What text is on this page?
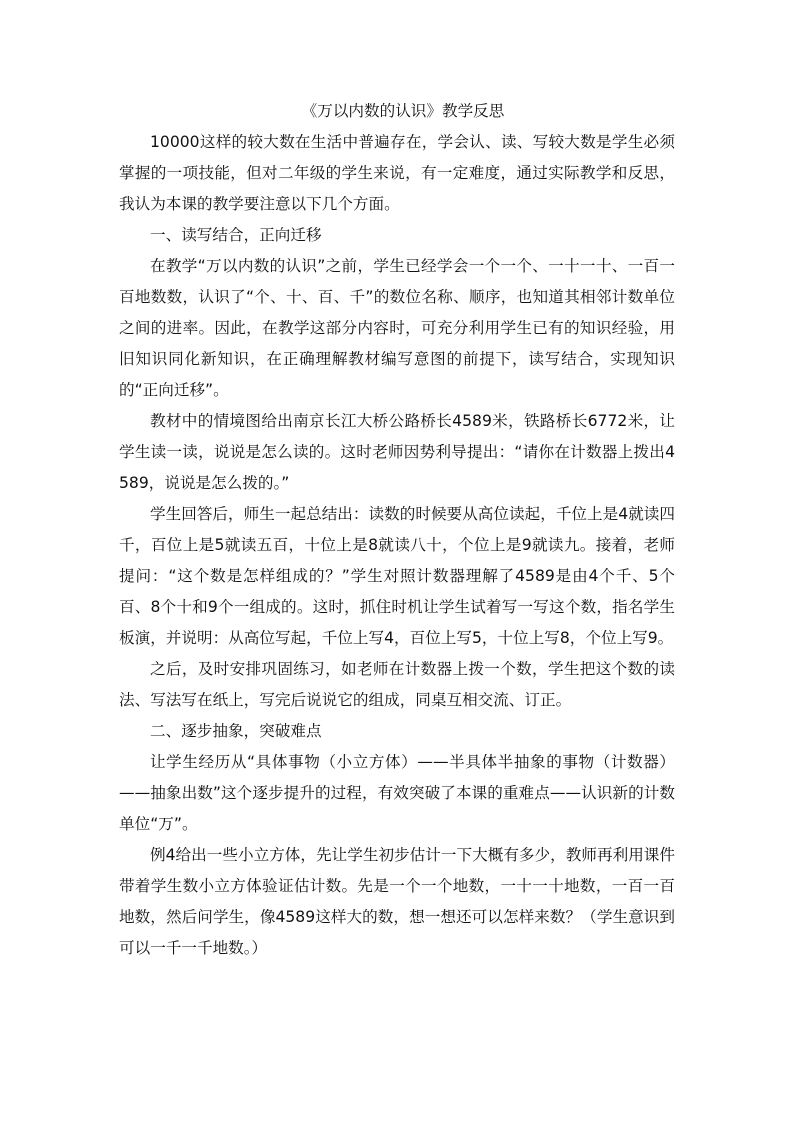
《万以内数的认识》教学反思

10000这样的较大数在生活中普遍存在，学会认、读、写较大数是学生必须掌握的一项技能，但对二年级的学生来说，有一定难度，通过实际教学和反思，我认为本课的教学要注意以下几个方面。

一、读写结合，正向迁移

在教学“万以内数的认识”之前，学生已经学会一个一个、一十一十、一百一百地数数，认识了“个、十、百、千”的数位名称、顺序，也知道其相邻计数单位之间的进率。因此，在教学这部分内容时，可充分利用学生已有的知识经验，用旧知识同化新知识，在正确理解教材编写意图的前提下，读写结合，实现知识的“正向迁移”。

教材中的情境图给出南京长江大桥公路桥长4589米，铁路桥长6772米，让学生读一读，说说是怎么读的。这时老师因势利导提出：“请你在计数器上拨出4589，说说是怎么拨的。”

学生回答后，师生一起总结出：读数的时候要从高位读起，千位上是4就读四千，百位上是5就读五百，十位上是8就读八十，个位上是9就读九。接着，老师提问：“这个数是怎样组成的？”学生对照计数器理解了4589是由4个千、5个百、8个十和9个一组成的。这时，抓住时机让学生试着写一写这个数，指名学生板演，并说明：从高位写起，千位上写4，百位上写5，十位上写8，个位上写9。

之后，及时安排巩固练习，如老师在计数器上拨一个数，学生把这个数的读法、写法写在纸上，写完后说说它的组成，同桌互相交流、订正。

二、逐步抽象，突破难点

让学生经历从“具体事物（小立方体）——半具体半抽象的事物（计数器）——抽象出数”这个逐步提升的过程，有效突破了本课的重难点——认识新的计数单位“万”。

例4给出一些小立方体，先让学生初步估计一下大概有多少，教师再利用课件带着学生数小立方体验证估计数。先是一个一个地数，一十一十地数，一百一百地数，然后问学生，像4589这样大的数，想一想还可以怎样来数？（学生意识到可以一千一千地数。）
